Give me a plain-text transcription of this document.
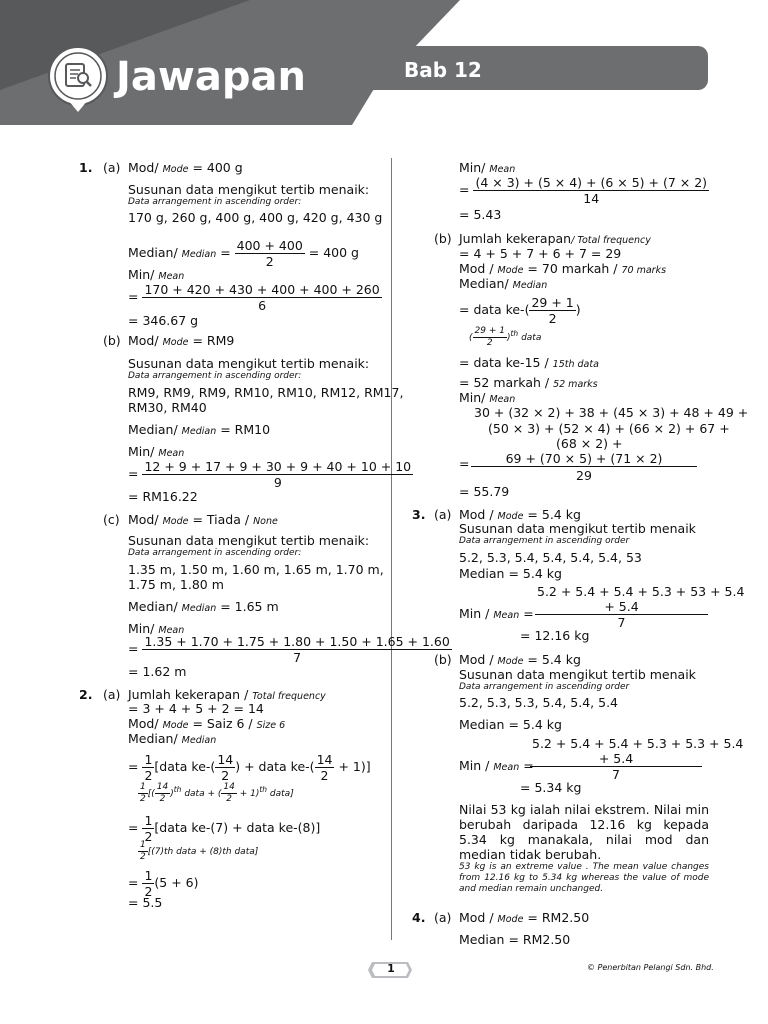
Jawapan	Bab 12
1. (a) Mod/ Mode = 400 g
Susunan data mengikut tertib menaik:
Data arrangement in ascending order:
170 g, 260 g, 400 g, 400 g, 420 g, 430 g
Median/ Median = $\frac{400 + 400}{2} = 400$ g
Min/ Mean
= $\frac{170 + 420 + 430 + 400 + 400 + 260}{6}$
= 346.67 g
(b) Mod/ Mode = RM9
Susunan data mengikut tertib menaik:
Data arrangement in ascending order:
RM9, RM9, RM9, RM10, RM10, RM12, RM17,
RM30, RM40
Median/ Median = RM10
Min/ Mean
= $\frac{12 + 9 + 17 + 9 + 30 + 9 + 40 + 10 + 10}{9}$
= RM16.22
(c) Mod/ Mode = Tiada / None
Susunan data mengikut tertib menaik:
Data arrangement in ascending order:
1.35 m, 1.50 m, 1.60 m, 1.65 m, 1.70 m,
1.75 m, 1.80 m
Median/ Median = 1.65 m
Min/ Mean
= $\frac{1.35 + 1.70 + 1.75 + 1.80 + 1.50 + 1.65 + 1.60}{7}$
= 1.62 m
2. (a) Jumlah kekerapan / Total frequency
= 3 + 4 + 5 + 2 = 14
Mod/ Mode = Saiz 6 / Size 6
Median/ Median
= $\frac{1}{2}$ [data $ke-( \frac{14}{2}$ ) + data $ke-( \frac{14}{2} + 1)$]
$\frac{1}{2}$ [( $\frac{14}{2} )^{th}$ data + ( $\frac{14}{2} + 1)^{th}$ data]
= $\frac{1}{2}$ [data ke-(7) + data ke-(8)]
$\frac{1}{2} [(7)th$ data + (8)th data]
= $\frac{1}{2} (5 + 6)$
= 5.5
Min/ Mean
= $\frac{(4 \times 3) + (5 \times 4) + (6 \times 5) + (7 \times 2)}{14}$
= 5.43
(b) Jumlah kekerapan/ Total frequency
= 4 + 5 + 7 + 6 + 7 = 29
Mod / Mode = 70 markah / 70 marks
Median/ Median
= data $ke-( \frac{29 + 1}{2}$ )
( $\frac{29 + 1}{2} )^{th}$ data
= data ke-15 / 15th data
= 52 markah / 52 marks
Min/ Mean
30 + (32 × 2) + 38 + (45 × 3) + 48 + 49 +
(50 × 3) + (52 × 4) + (66 × 2) + 67 +
(68 × 2) +
=	69 + (70 × 5) + (71 × 2)
29
= 55.79
3. (a) Mod / Mode = 5.4 kg
Susunan data mengikut tertib menaik
Data arrangement in ascending order
5.2, 5.3, 5.4, 5.4, 5.4, 5.4, 53
Median = 5.4 kg
5.2 + 5.4 + 5.4 + 5.3 + 53 + 5.4
Min / Mean =	+ 5.4
7
= 12.16 kg
(b) Mod / Mode = 5.4 kg
Susunan data mengikut tertib menaik
Data arrangement in ascending order
5.2, 5.3, 5.3, 5.4, 5.4, 5.4
Median = 5.4 kg
5.2 + 5.4 + 5.4 + 5.3 + 5.3 + 5.4
Min / Mean =	+ 5.4
7
= 5.34 kg
Nilai 53 kg ialah nilai ekstrem. Nilai min berubah daripada 12.16 kg kepada 5.34 kg manakala, nilai mod dan median tidak berubah.
53 kg is an extreme value . The mean value changes from 12.16 kg to 5.34 kg whereas the value of mode and median remain unchanged.
4. (a) Mod / Mode = RM2.50
Median = RM2.50
1	© Penerbitan Pelangi Sdn. Bhd.
